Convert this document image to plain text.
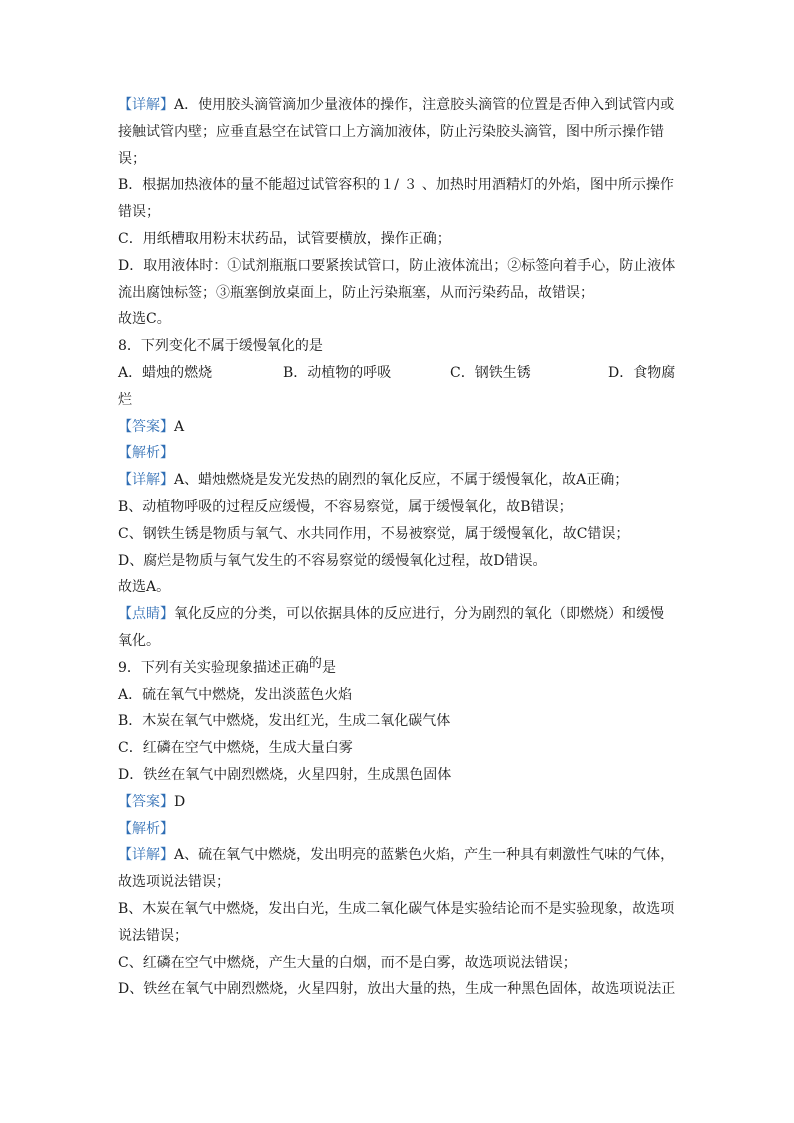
【详解】A．使用胶头滴管滴加少量液体的操作，注意胶头滴管的位置是否伸入到试管内或
接触试管内壁；应垂直悬空在试管口上方滴加液体，防止污染胶头滴管，图中所示操作错
误；
B．根据加热液体的量不能超过试管容积的１/ ３ 、加热时用酒精灯的外焰，图中所示操作
错误；
C．用纸槽取用粉末状药品，试管要横放，操作正确；
D．取用液体时：①试剂瓶瓶口要紧挨试管口，防止液体流出；②标签向着手心，防止液体
流出腐蚀标签；③瓶塞倒放桌面上，防止污染瓶塞，从而污染药品，故错误；
故选C。
8．下列变化不属于缓慢氧化的是
A．蜡烛的燃烧	B．动植物的呼吸	C．钢铁生锈	D．食物腐
烂
【答案】A
【解析】
【详解】A、蜡烛燃烧是发光发热的剧烈的氧化反应，不属于缓慢氧化，故A正确；
B、动植物呼吸的过程反应缓慢，不容易察觉，属于缓慢氧化，故B错误；
C、钢铁生锈是物质与氧气、水共同作用，不易被察觉，属于缓慢氧化，故C错误；
D、腐烂是物质与氧气发生的不容易察觉的缓慢氧化过程，故D错误。
故选A。
【点睛】氧化反应的分类，可以依据具体的反应进行，分为剧烈的氧化（即燃烧）和缓慢
氧化。
9．下列有关实验现象描述正确的是
A．硫在氧气中燃烧，发出淡蓝色火焰
B．木炭在氧气中燃烧，发出红光，生成二氧化碳气体
C．红磷在空气中燃烧，生成大量白雾
D．铁丝在氧气中剧烈燃烧，火星四射，生成黑色固体
【答案】D
【解析】
【详解】A、硫在氧气中燃烧，发出明亮的蓝紫色火焰，产生一种具有刺激性气味的气体，
故选项说法错误；
B、木炭在氧气中燃烧，发出白光，生成二氧化碳气体是实验结论而不是实验现象，故选项
说法错误；
C、红磷在空气中燃烧，产生大量的白烟，而不是白雾，故选项说法错误；
D、铁丝在氧气中剧烈燃烧，火星四射，放出大量的热，生成一种黑色固体，故选项说法正
